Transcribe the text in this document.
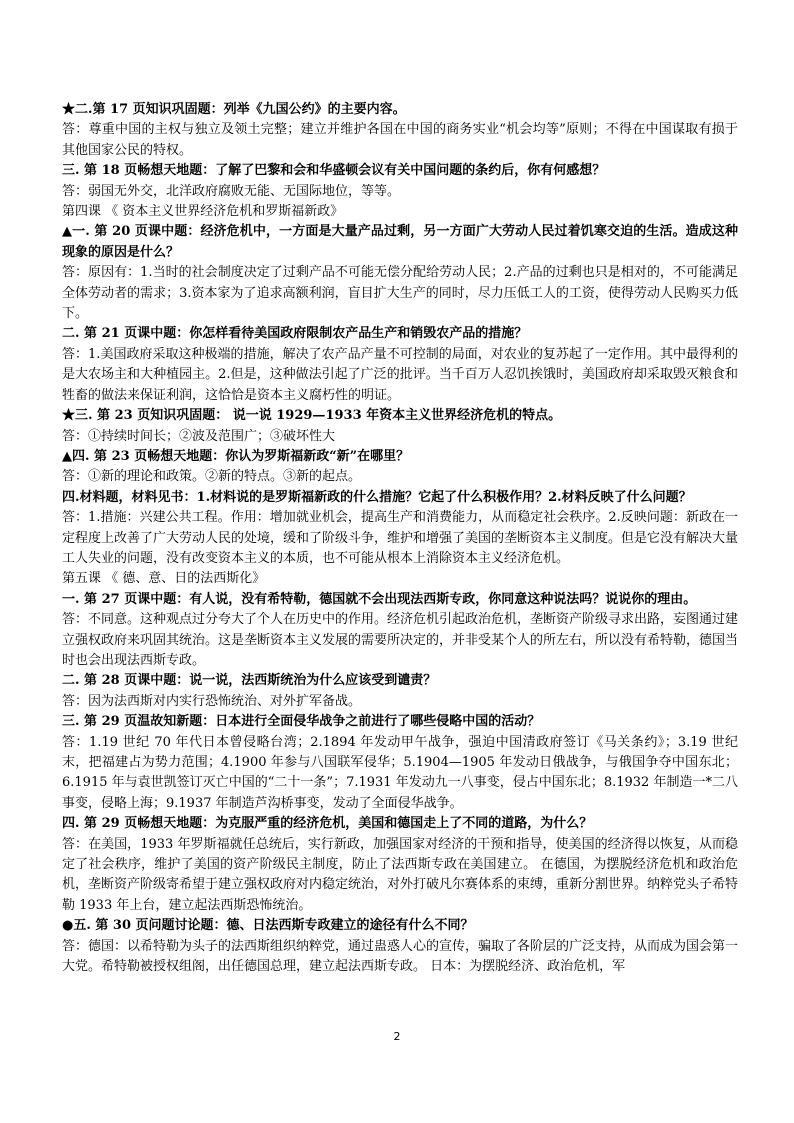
★二.第 17 页知识巩固题：列举《九国公约》的主要内容。
答：尊重中国的主权与独立及领土完整；建立并维护各国在中国的商务实业“机会均等”原则；不得在中国谋取有损于其他国家公民的特权。
三. 第 18 页畅想天地题：了解了巴黎和会和华盛顿会议有关中国问题的条约后，你有何感想？
答：弱国无外交，北洋政府腐败无能、无国际地位，等等。
第四课 《 资本主义世界经济危机和罗斯福新政》
▲一. 第 20 页课中题：经济危机中，一方面是大量产品过剩，另一方面广大劳动人民过着饥寒交迫的生活。造成这种现象的原因是什么？
答：原因有：1.当时的社会制度决定了过剩产品不可能无偿分配给劳动人民；2.产品的过剩也只是相对的，不可能满足全体劳动者的需求；3.资本家为了追求高额利润，盲目扩大生产的同时，尽力压低工人的工资，使得劳动人民购买力低下。
二. 第 21 页课中题：你怎样看待美国政府限制农产品生产和销毁农产品的措施？
答：1.美国政府采取这种极端的措施，解决了农产品产量不可控制的局面，对农业的复苏起了一定作用。其中最得利的是大农场主和大种植园主。2.但是，这种做法引起了广泛的批评。当千百万人忍饥挨饿时，美国政府却采取毁灭粮食和牲畜的做法来保证利润，这恰恰是资本主义腐朽性的明证。
★三. 第 23 页知识巩固题： 说一说 1929—1933 年资本主义世界经济危机的特点。
答：①持续时间长；②波及范围广；③破坏性大
▲四. 第 23 页畅想天地题：你认为罗斯福新政“新”在哪里？
答：①新的理论和政策。②新的特点。③新的起点。
四.材料题，材料见书：1.材料说的是罗斯福新政的什么措施？它起了什么积极作用？2.材料反映了什么问题？
答：1.措施：兴建公共工程。作用：增加就业机会，提高生产和消费能力，从而稳定社会秩序。2.反映问题：新政在一定程度上改善了广大劳动人民的处境，缓和了阶级斗争，维护和增强了美国的垄断资本主义制度。但是它没有解决大量工人失业的问题，没有改变资本主义的本质，也不可能从根本上消除资本主义经济危机。
第五课 《 德、意、日的法西斯化》
一. 第 27 页课中题：有人说，没有希特勒，德国就不会出现法西斯专政，你同意这种说法吗？说说你的理由。
答：不同意。这种观点过分夸大了个人在历史中的作用。经济危机引起政治危机，垄断资产阶级寻求出路，妄图通过建立强权政府来巩固其统治。这是垄断资本主义发展的需要所决定的，并非受某个人的所左右，所以没有希特勒，德国当时也会出现法西斯专政。
二. 第 28 页课中题：说一说，法西斯统治为什么应该受到谴责？
答：因为法西斯对内实行恐怖统治、对外扩军备战。
三. 第 29 页温故知新题：日本进行全面侵华战争之前进行了哪些侵略中国的活动？
答：1.19 世纪 70 年代日本曾侵略台湾；2.1894 年发动甲午战争，强迫中国清政府签订《马关条约》；3.19 世纪末，把福建占为势力范围；4.1900 年参与八国联军侵华；5.1904—1905 年发动日俄战争，与俄国争夺中国东北；6.1915 年与袁世凯签订灭亡中国的“二十一条”；7.1931 年发动九一八事变，侵占中国东北；8.1932 年制造一*二八事变，侵略上海；9.1937 年制造芦沟桥事变，发动了全面侵华战争。
四. 第 29 页畅想天地题：为克服严重的经济危机，美国和德国走上了不同的道路，为什么？
答：在美国，1933 年罗斯福就任总统后，实行新政，加强国家对经济的干预和指导，使美国的经济得以恢复，从而稳定了社会秩序，维护了美国的资产阶级民主制度，防止了法西斯专政在美国建立。 在德国，为摆脱经济危机和政治危机，垄断资产阶级寄希望于建立强权政府对内稳定统治，对外打破凡尔赛体系的束缚，重新分割世界。纳粹党头子希特勒 1933 年上台，建立起法西斯恐怖统治。
●五. 第 30 页问题讨论题：德、日法西斯专政建立的途径有什么不同？
答：德国：以希特勒为头子的法西斯组织纳粹党，通过蛊惑人心的宣传，骗取了各阶层的广泛支持，从而成为国会第一大党。希特勒被授权组阁，出任德国总理，建立起法西斯专政。 日本：为摆脱经济、政治危机，军
2
